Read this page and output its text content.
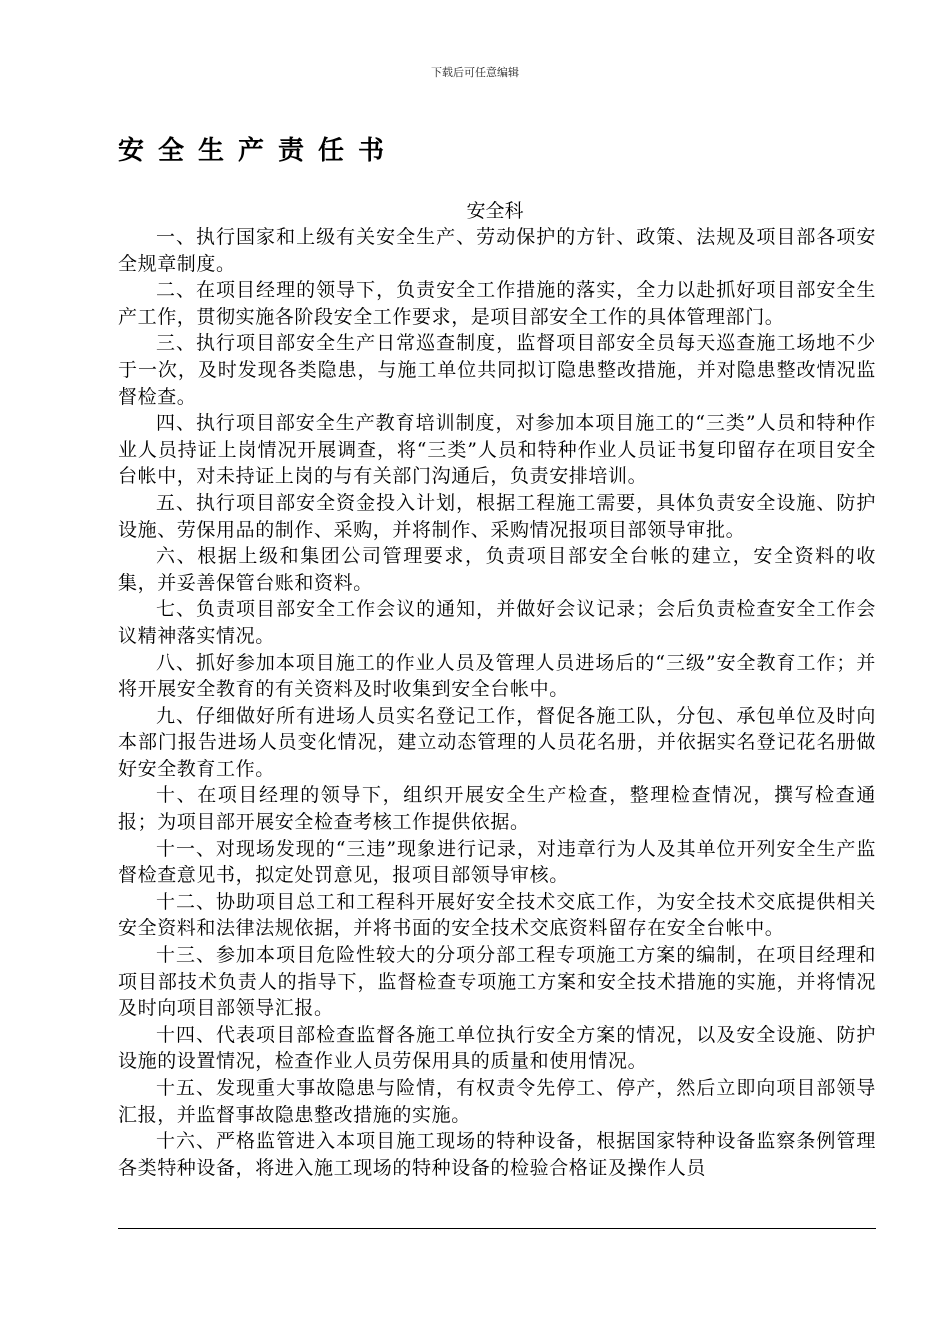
下载后可任意编辑
安全生产责任书
安全科

一、执行国家和上级有关安全生产、劳动保护的方针、政策、法规及项目部各项安全规章制度。

二、在项目经理的领导下，负责安全工作措施的落实，全力以赴抓好项目部安全生产工作，贯彻实施各阶段安全工作要求，是项目部安全工作的具体管理部门。

三、执行项目部安全生产日常巡查制度，监督项目部安全员每天巡查施工场地不少于一次，及时发现各类隐患，与施工单位共同拟订隐患整改措施，并对隐患整改情况监督检查。

四、执行项目部安全生产教育培训制度，对参加本项目施工的“三类”人员和特种作业人员持证上岗情况开展调查，将“三类”人员和特种作业人员证书复印留存在项目安全台帐中，对未持证上岗的与有关部门沟通后，负责安排培训。

五、执行项目部安全资金投入计划，根据工程施工需要，具体负责安全设施、防护设施、劳保用品的制作、采购，并将制作、采购情况报项目部领导审批。

六、根据上级和集团公司管理要求，负责项目部安全台帐的建立，安全资料的收集，并妥善保管台账和资料。

七、负责项目部安全工作会议的通知，并做好会议记录；会后负责检查安全工作会议精神落实情况。

八、抓好参加本项目施工的作业人员及管理人员进场后的“三级”安全教育工作；并将开展安全教育的有关资料及时收集到安全台帐中。

九、仔细做好所有进场人员实名登记工作，督促各施工队，分包、承包单位及时向本部门报告进场人员变化情况，建立动态管理的人员花名册，并依据实名登记花名册做好安全教育工作。

十、在项目经理的领导下，组织开展安全生产检查，整理检查情况，撰写检查通报；为项目部开展安全检查考核工作提供依据。

十一、对现场发现的“三违”现象进行记录，对违章行为人及其单位开列安全生产监督检查意见书，拟定处罚意见，报项目部领导审核。

十二、协助项目总工和工程科开展好安全技术交底工作，为安全技术交底提供相关安全资料和法律法规依据，并将书面的安全技术交底资料留存在安全台帐中。

十三、参加本项目危险性较大的分项分部工程专项施工方案的编制，在项目经理和项目部技术负责人的指导下，监督检查专项施工方案和安全技术措施的实施，并将情况及时向项目部领导汇报。

十四、代表项目部检查监督各施工单位执行安全方案的情况，以及安全设施、防护设施的设置情况，检查作业人员劳保用具的质量和使用情况。

十五、发现重大事故隐患与险情，有权责令先停工、停产，然后立即向项目部领导汇报，并监督事故隐患整改措施的实施。

十六、严格监管进入本项目施工现场的特种设备，根据国家特种设备监察条例管理各类特种设备，将进入施工现场的特种设备的检验合格证及操作人员
